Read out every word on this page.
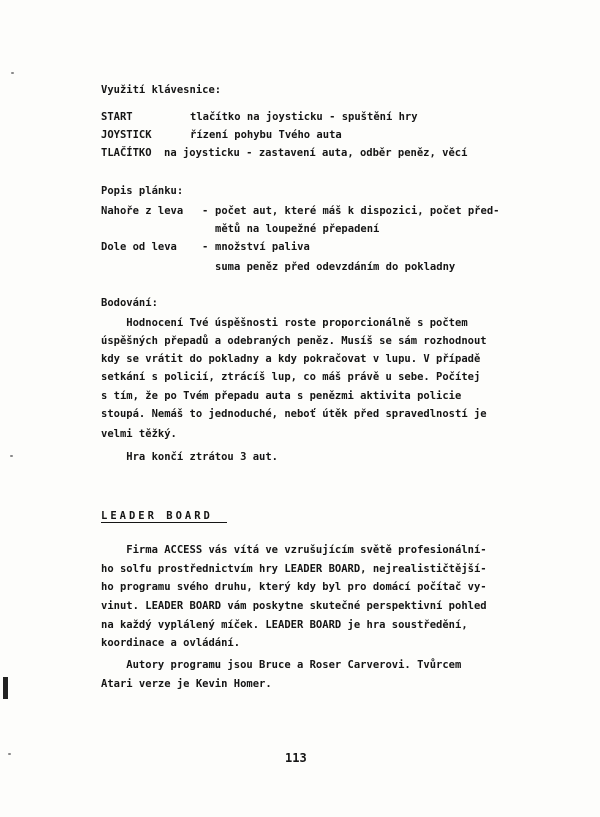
Využití klávesnice:
START	tlačítko na joysticku - spuštění hry
JOYSTICK	řízení pohybu Tvého auta
TLAČÍTKO na joysticku - zastavení auta, odběr peněz, věcí
Popis plánku:
Nahoře z leva - počet aut, které máš k dispozici, počet před-
mětů na loupežné přepadení
Dole od leva - množství paliva
suma peněz před odevzdáním do pokladny
Bodování:
Hodnocení Tvé úspěšnosti roste proporcionálně s počtem
úspěšných přepadů a odebraných peněz. Musíš se sám rozhodnout
kdy se vrátit do pokladny a kdy pokračovat v lupu. V případě
setkání s policií, ztrácíš lup, co máš právě u sebe. Počítej
s tím, že po Tvém přepadu auta s penězmi aktivita policie
stoupá. Nemáš to jednoduché, neboť útěk před spravedlností je
velmi těžký.
Hra končí ztrátou 3 aut.
LEADER BOARD
Firma ACCESS vás vítá ve vzrušujícím světě profesionální-
ho solfu prostřednictvím hry LEADER BOARD, nejrealističtější-
ho programu svého druhu, který kdy byl pro domácí počítač vy-
vinut. LEADER BOARD vám poskytne skutečné perspektivní pohled
na každý vyplálený míček. LEADER BOARD je hra soustředění,
koordinace a ovládání.
Autory programu jsou Bruce a Roser Carverovi. Tvůrcem
Atari verze je Kevin Homer.
113
